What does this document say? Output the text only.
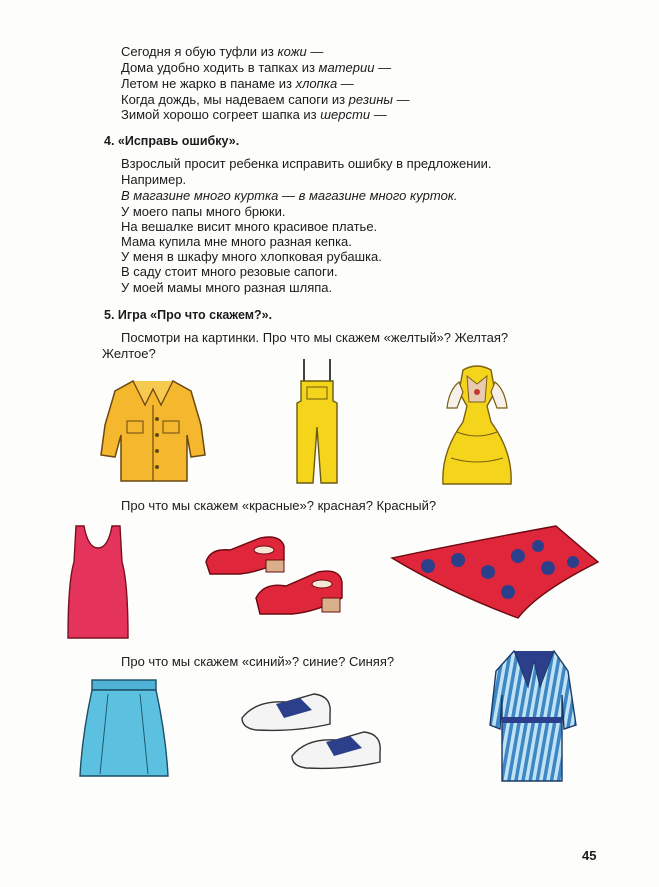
Сегодня я обую туфли из кожи —
Дома удобно ходить в тапках из материи —
Летом не жарко в панаме из хлопка —
Когда дождь, мы надеваем сапоги из резины —
Зимой хорошо согреет шапка из шерсти —
4. «Исправь ошибку».
Взрослый просит ребенка исправить ошибку в предложении.
Например.
В магазине много куртка — в магазине много курток.
У моего папы много брюки.
На вешалке висит много красивое платье.
Мама купила мне много разная кепка.
У меня в шкафу много хлопковая рубашка.
В саду стоит много резовые сапоги.
У моей мамы много разная шляпа.
5. Игра «Про что скажем?».
Посмотри на картинки. Про что мы скажем «желтый»? Желтая?
Желтое?
Про что мы скажем «красные»? красная? Красный?
Про что мы скажем «синий»? синие? Синяя?
45
